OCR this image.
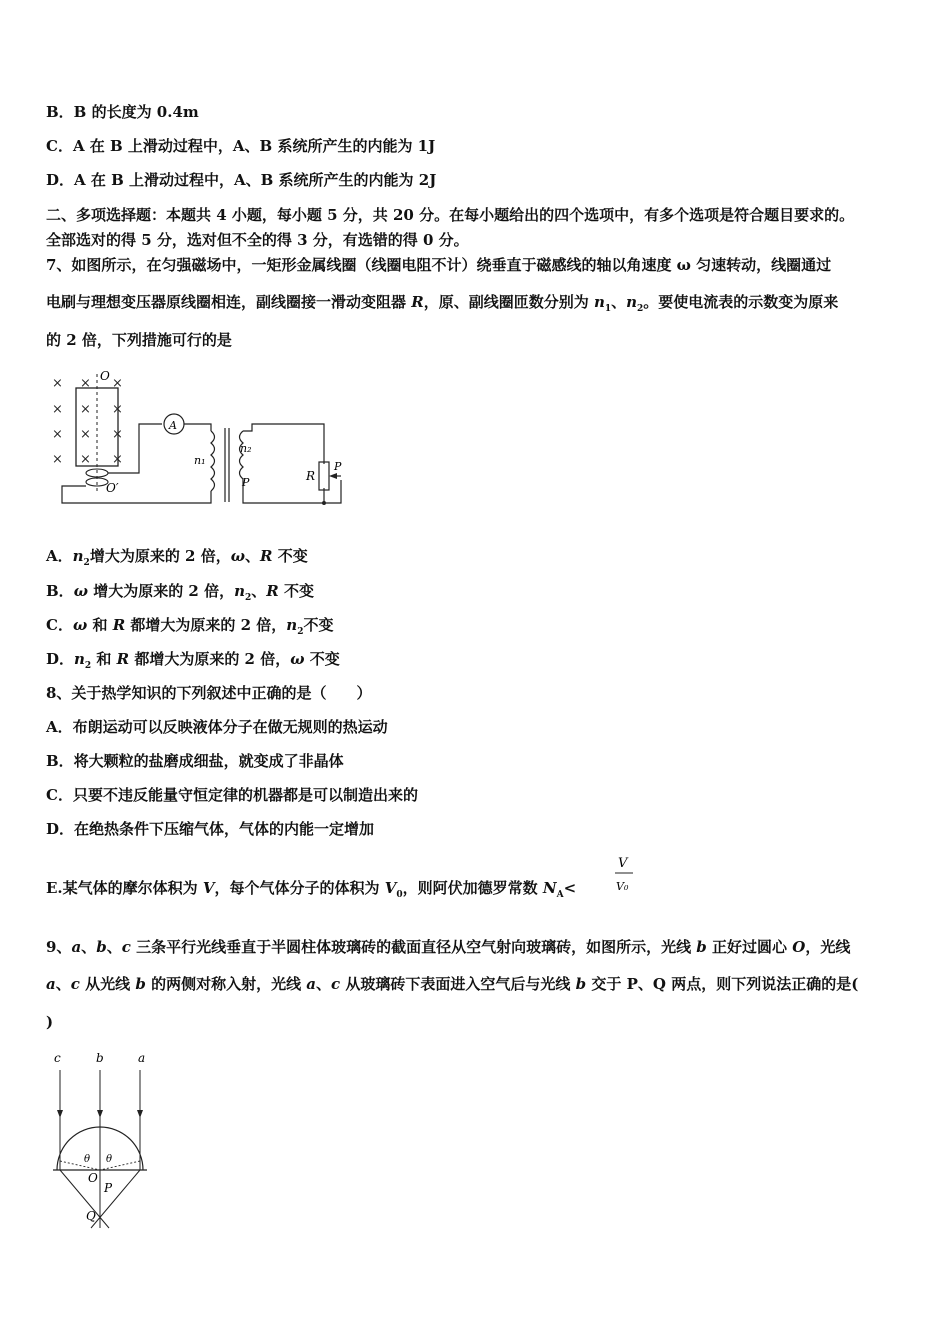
B．B 的长度为 0.4m
C．A 在 B 上滑动过程中，A、B 系统所产生的内能为 1J
D．A 在 B 上滑动过程中，A、B 系统所产生的内能为 2J
二、多项选择题：本题共 4 小题，每小题 5 分，共 20 分。在每小题给出的四个选项中，有多个选项是符合题目要求的。
全部选对的得 5 分，选对但不全的得 3 分，有选错的得 0 分。
7、如图所示，在匀强磁场中，一矩形金属线圈（线圈电阻不计）绕垂直于磁感线的轴以角速度 ω 匀速转动，线圈通过
电刷与理想变压器原线圈相连，副线圈接一滑动变阻器 R，原、副线圈匝数分别为 $n_1$、$n_2$。要使电流表的示数变为原来
的 2 倍，下列措施可行的是
×
×
×
×
×
×
×
×
×
×
×
×
O
O′
A
n₁
n₂
P	R
P
A．$n_2$增大为原来的 2 倍，ω、R 不变
B．ω 增大为原来的 2 倍，$n_2$、R 不变
C．ω 和 R 都增大为原来的 2 倍，$n_2$不变
D．$n_2$ 和 R 都增大为原来的 2 倍，ω 不变
8、关于热学知识的下列叙述中正确的是（　　）
A．布朗运动可以反映液体分子在做无规则的热运动
B．将大颗粒的盐磨成细盐，就变成了非晶体
C．只要不违反能量守恒定律的机器都是可以制造出来的
D．在绝热条件下压缩气体，气体的内能一定增加
E.某气体的摩尔体积为 V，每个气体分子的体积为 $V_0$，则阿伏加德罗常数 $N_A<$
V
V₀
9、a、b、c 三条平行光线垂直于半圆柱体玻璃砖的截面直径从空气射向玻璃砖，如图所示，光线 b 正好过圆心 O，光线
a、c 从光线 b 的两侧对称入射，光线 a、c 从玻璃砖下表面进入空气后与光线 b 交于 P、Q 两点，则下列说法正确的是(
)
c	b	a
θ θ
O
P
Q
